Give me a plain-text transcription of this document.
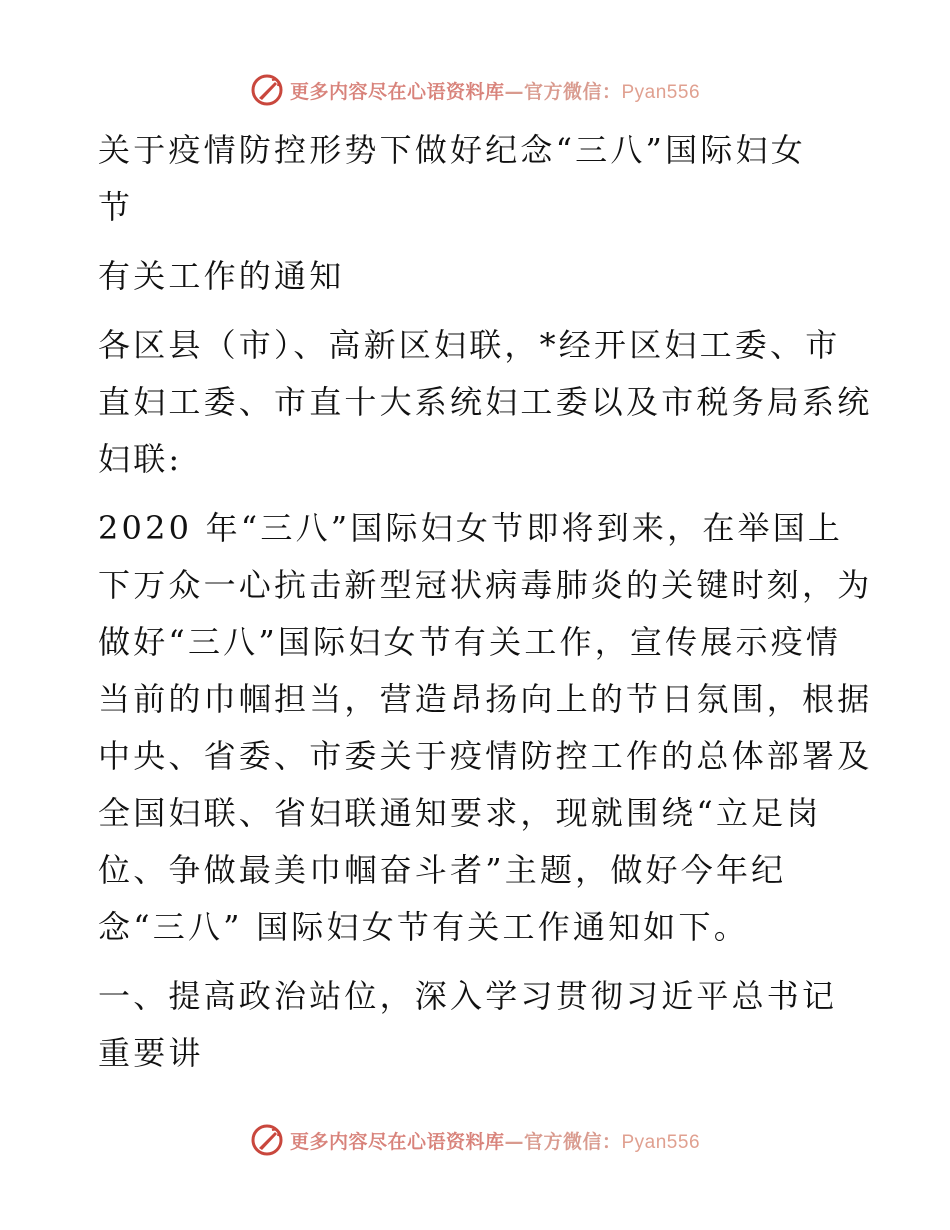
更多内容尽在心语资料库—官方微信：Pyan556

关于疫情防控形势下做好纪念“三八”国际妇女

节

有关工作的通知

各区县（市）、高新区妇联，*经开区妇工委、市

直妇工委、市直十大系统妇工委以及市税务局系统

妇联:

2020 年“三八”国际妇女节即将到来，在举国上

下万众一心抗击新型冠状病毒肺炎的关键时刻，为

做好“三八”国际妇女节有关工作，宣传展示疫情

当前的巾帼担当，营造昂扬向上的节日氛围，根据

中央、省委、市委关于疫情防控工作的总体部署及

全国妇联、省妇联通知要求，现就围绕“立足岗

位、争做最美巾帼奋斗者”主题，做好今年纪

念“三八” 国际妇女节有关工作通知如下。

一、提高政治站位，深入学习贯彻习近平总书记

重要讲

更多内容尽在心语资料库—官方微信：Pyan556
